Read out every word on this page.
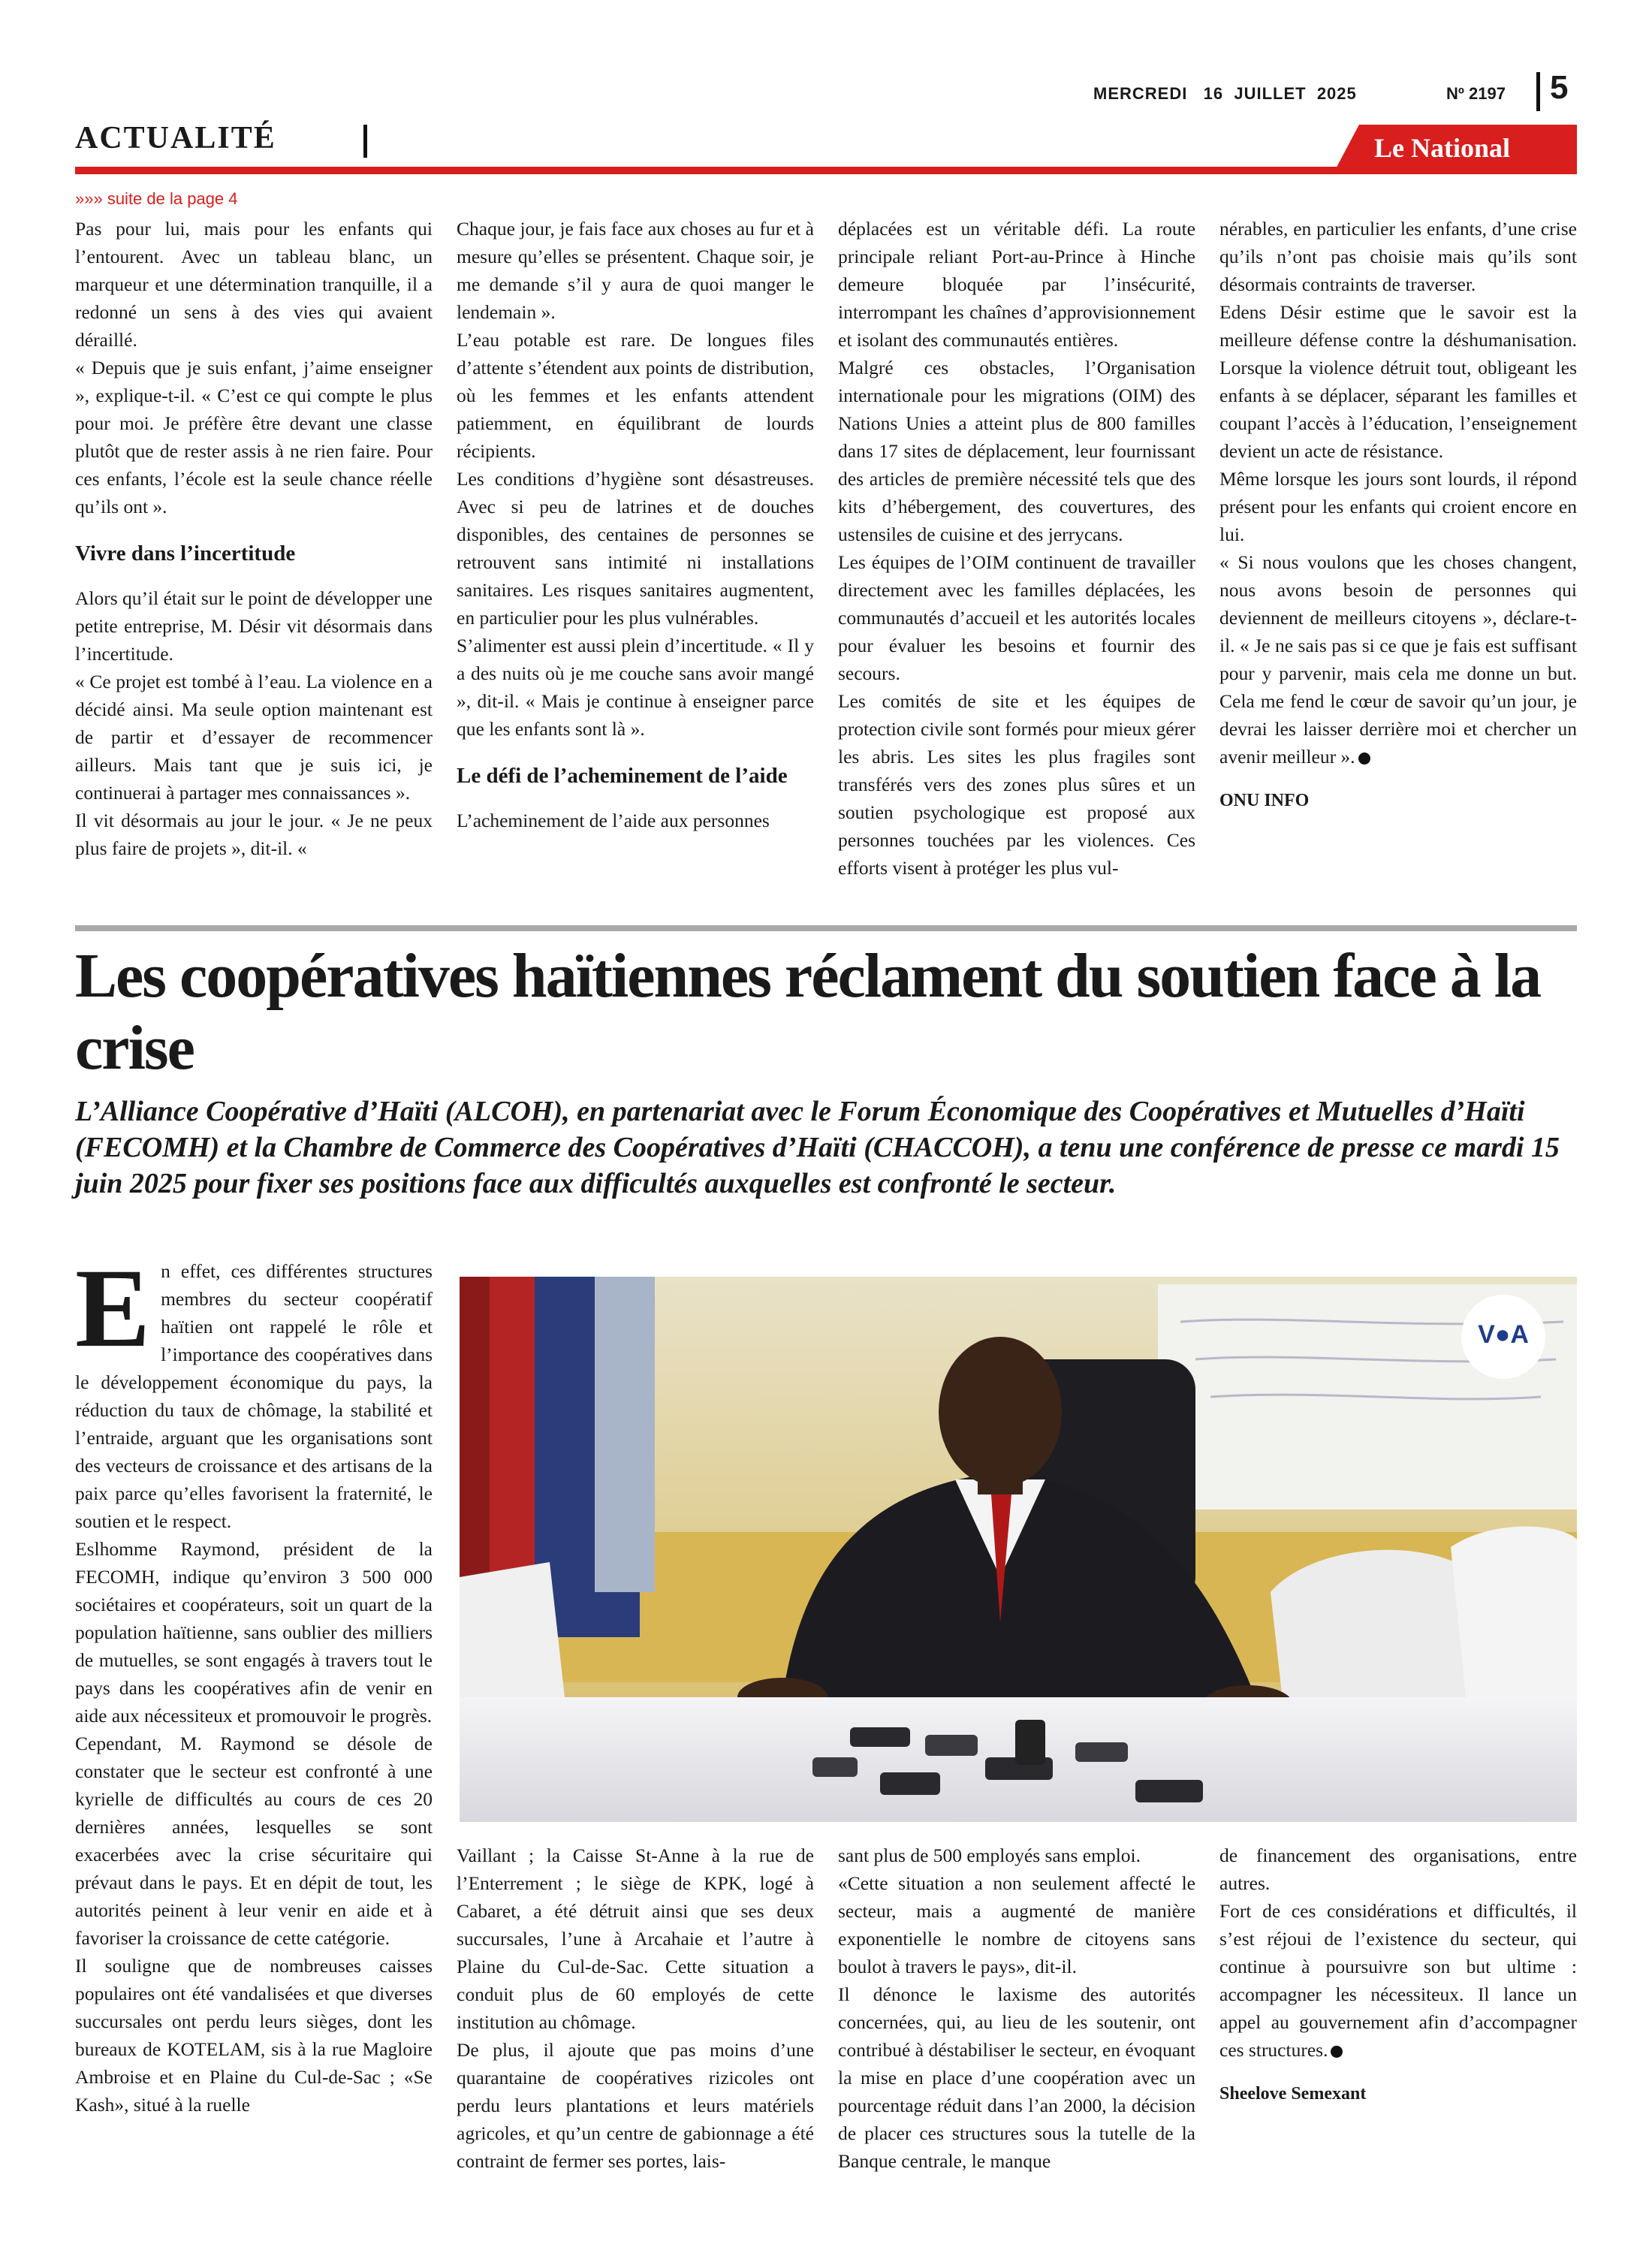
MERCREDI   16  JUILLET  2025	Nº 2197 5
ACTUALITÉ	Le National
»»» suite de la page 4

Pas pour lui, mais pour les enfants qui l’entourent. Avec un tableau blanc, un marqueur et une détermination tranquille, il a redonné un sens à des vies qui avaient déraillé.

« Depuis que je suis enfant, j’aime enseigner », explique-t-il. « C’est ce qui compte le plus pour moi. Je préfère être devant une classe plutôt que de rester assis à ne rien faire. Pour ces enfants, l’école est la seule chance réelle qu’ils ont ».

Vivre dans l’incertitude

Alors qu’il était sur le point de développer une petite entreprise, M. Désir vit désormais dans l’incertitude.

« Ce projet est tombé à l’eau. La violence en a décidé ainsi. Ma seule option maintenant est de partir et d’essayer de recommencer ailleurs. Mais tant que je suis ici, je continuerai à partager mes connaissances ».

Il vit désormais au jour le jour. « Je ne peux plus faire de projets », dit-il. «

Chaque jour, je fais face aux choses au fur et à mesure qu’elles se présentent. Chaque soir, je me demande s’il y aura de quoi manger le lendemain ».

L’eau potable est rare. De longues files d’attente s’étendent aux points de distribution, où les femmes et les enfants attendent patiemment, en équilibrant de lourds récipients.

Les conditions d’hygiène sont désastreuses. Avec si peu de latrines et de douches disponibles, des centaines de personnes se retrouvent sans intimité ni installations sanitaires. Les risques sanitaires augmentent, en particulier pour les plus vulnérables.

S’alimenter est aussi plein d’incertitude. « Il y a des nuits où je me couche sans avoir mangé », dit-il. « Mais je continue à enseigner parce que les enfants sont là ».

Le défi de l’acheminement de l’aide

L’acheminement de l’aide aux personnes

déplacées est un véritable défi. La route principale reliant Port-au-Prince à Hinche demeure bloquée par l’insécurité, interrompant les chaînes d’approvisionnement et isolant des communautés entières.

Malgré ces obstacles, l’Organisation internationale pour les migrations (OIM) des Nations Unies a atteint plus de 800 familles dans 17 sites de déplacement, leur fournissant des articles de première nécessité tels que des kits d’hébergement, des couvertures, des ustensiles de cuisine et des jerrycans.

Les équipes de l’OIM continuent de travailler directement avec les familles déplacées, les communautés d’accueil et les autorités locales pour évaluer les besoins et fournir des secours.

Les comités de site et les équipes de protection civile sont formés pour mieux gérer les abris. Les sites les plus fragiles sont transférés vers des zones plus sûres et un soutien psychologique est proposé aux personnes touchées par les violences. Ces efforts visent à protéger les plus vul-

nérables, en particulier les enfants, d’une crise qu’ils n’ont pas choisie mais qu’ils sont désormais contraints de traverser.

Edens Désir estime que le savoir est la meilleure défense contre la déshumanisation. Lorsque la violence détruit tout, obligeant les enfants à se déplacer, séparant les familles et coupant l’accès à l’éducation, l’enseignement devient un acte de résistance.

Même lorsque les jours sont lourds, il répond présent pour les enfants qui croient encore en lui.

« Si nous voulons que les choses changent, nous avons besoin de personnes qui deviennent de meilleurs citoyens », déclare-t-il. « Je ne sais pas si ce que je fais est suffisant pour y parvenir, mais cela me donne un but. Cela me fend le cœur de savoir qu’un jour, je devrai les laisser derrière moi et chercher un avenir meilleur ».

ONU INFO
Les coopératives haïtiennes réclament du soutien face à la crise
L’Alliance Coopérative d’Haïti (ALCOH), en partenariat avec le Forum Économique des Coopératives et Mutuelles d’Haïti (FECOMH) et la Chambre de Commerce des Coopératives d’Haïti (CHACCOH), a tenu une conférence de presse ce mardi 15 juin 2025 pour fixer ses positions face aux difficultés auxquelles est confronté le secteur.

En effet, ces différentes structures membres du secteur coopératif haïtien ont rappelé le rôle et l’importance des coopératives dans le développement économique du pays, la réduction du taux de chômage, la stabilité et l’entraide, arguant que les organisations sont des vecteurs de croissance et des artisans de la paix parce qu’elles favorisent la fraternité, le soutien et le respect.

Eslhomme Raymond, président de la FECOMH, indique qu’environ 3 500 000 sociétaires et coopérateurs, soit un quart de la population haïtienne, sans oublier des milliers de mutuelles, se sont engagés à travers tout le pays dans les coopératives afin de venir en aide aux nécessiteux et promouvoir le progrès.

Cependant, M. Raymond se désole de constater que le secteur est confronté à une kyrielle de difficultés au cours de ces 20 dernières années, lesquelles se sont exacerbées avec la crise sécuritaire qui prévaut dans le pays. Et en dépit de tout, les autorités peinent à leur venir en aide et à favoriser la croissance de cette catégorie.

Il souligne que de nombreuses caisses populaires ont été vandalisées et que diverses succursales ont perdu leurs sièges, dont les bureaux de KOTELAM, sis à la rue Magloire Ambroise et en Plaine du Cul-de-Sac ; «Se Kash», situé à la ruelle

V●A

Vaillant ; la Caisse St-Anne à la rue de l’Enterrement ; le siège de KPK, logé à Cabaret, a été détruit ainsi que ses deux succursales, l’une à Arcahaie et l’autre à Plaine du Cul-de-Sac. Cette situation a conduit plus de 60 employés de cette institution au chômage.

De plus, il ajoute que pas moins d’une quarantaine de coopératives rizicoles ont perdu leurs plantations et leurs matériels agricoles, et qu’un centre de gabionnage a été contraint de fermer ses portes, lais-

sant plus de 500 employés sans emploi.

«Cette situation a non seulement affecté le secteur, mais a augmenté de manière exponentielle le nombre de citoyens sans boulot à travers le pays», dit-il.

Il dénonce le laxisme des autorités concernées, qui, au lieu de les soutenir, ont contribué à déstabiliser le secteur, en évoquant la mise en place d’une coopération avec un pourcentage réduit dans l’an 2000, la décision de placer ces structures sous la tutelle de la Banque centrale, le manque

de financement des organisations, entre autres.

Fort de ces considérations et difficultés, il s’est réjoui de l’existence du secteur, qui continue à poursuivre son but ultime : accompagner les nécessiteux. Il lance un appel au gouvernement afin d’accompagner ces structures.

Sheelove Semexant
